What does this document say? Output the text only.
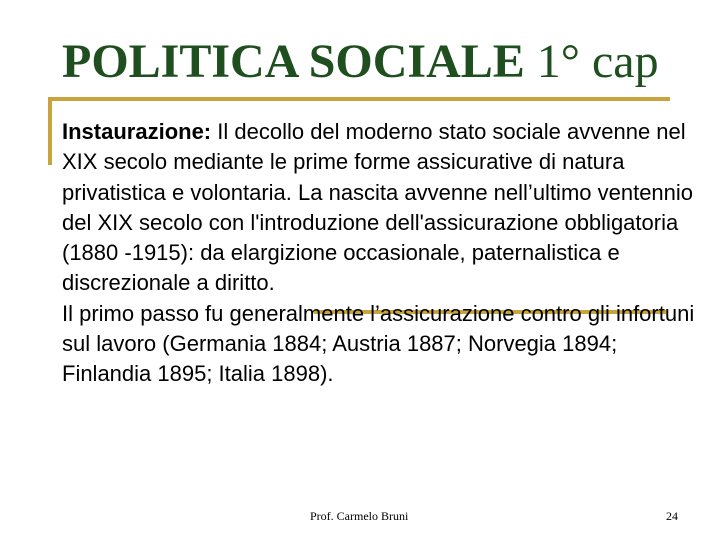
POLITICA SOCIALE 1° cap

Instaurazione: Il decollo del moderno stato sociale avvenne nel XIX secolo mediante le prime forme assicurative di natura privatistica e volontaria. La nascita avvenne nell’ultimo ventennio del XIX secolo con l'introduzione dell'assicurazione obbligatoria (1880 -1915): da elargizione occasionale, paternalistica e discrezionale a diritto.

Il primo passo fu generalmente l’assicurazione contro gli infortuni sul lavoro (Germania 1884; Austria 1887; Norvegia 1894; Finlandia 1895; Italia 1898).

Prof. Carmelo Bruni	24
